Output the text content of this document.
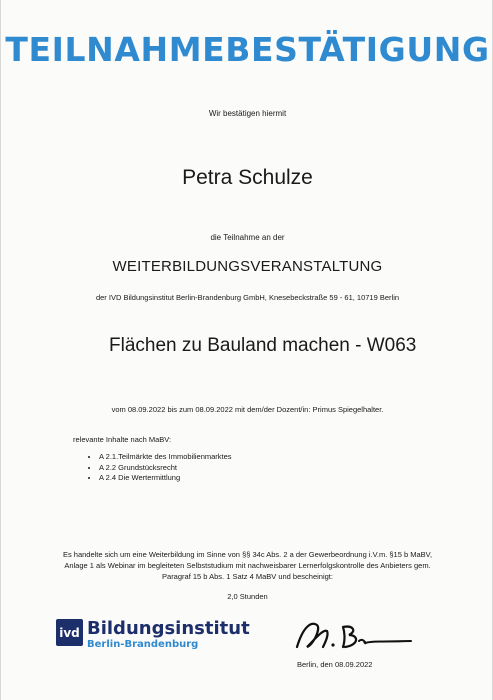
TEILNAHMEBESTÄTIGUNG
Wir bestätigen hiermit
Petra Schulze
die Teilnahme an der
WEITERBILDUNGSVERANSTALTUNG
der IVD Bildungsinstitut Berlin-Brandenburg GmbH, Knesebeckstraße 59 - 61, 10719 Berlin
Flächen zu Bauland machen - W063
vom 08.09.2022 bis zum 08.09.2022 mit dem/der Dozent/in: Primus Spiegelhalter.
relevante Inhalte nach MaBV:
• A 2.1.Teilmärkte des Immobilienmarktes
• A 2.2 Grundstücksrecht
• A 2.4 Die Wertermittlung
Es handelte sich um eine Weiterbildung im Sinne von §§ 34c Abs. 2 a der Gewerbeordnung i.V.m. §15 b MaBV,
Anlage 1 als Webinar im begleiteten Selbststudium mit nachweisbarer Lernerfolgskontrolle des Anbieters gem.
Paragraf 15 b Abs. 1 Satz 4 MaBV und bescheinigt:
2,0 Stunden
ivd Bildungsinstitut
Berlin-Brandenburg
Berlin, den 08.09.2022
